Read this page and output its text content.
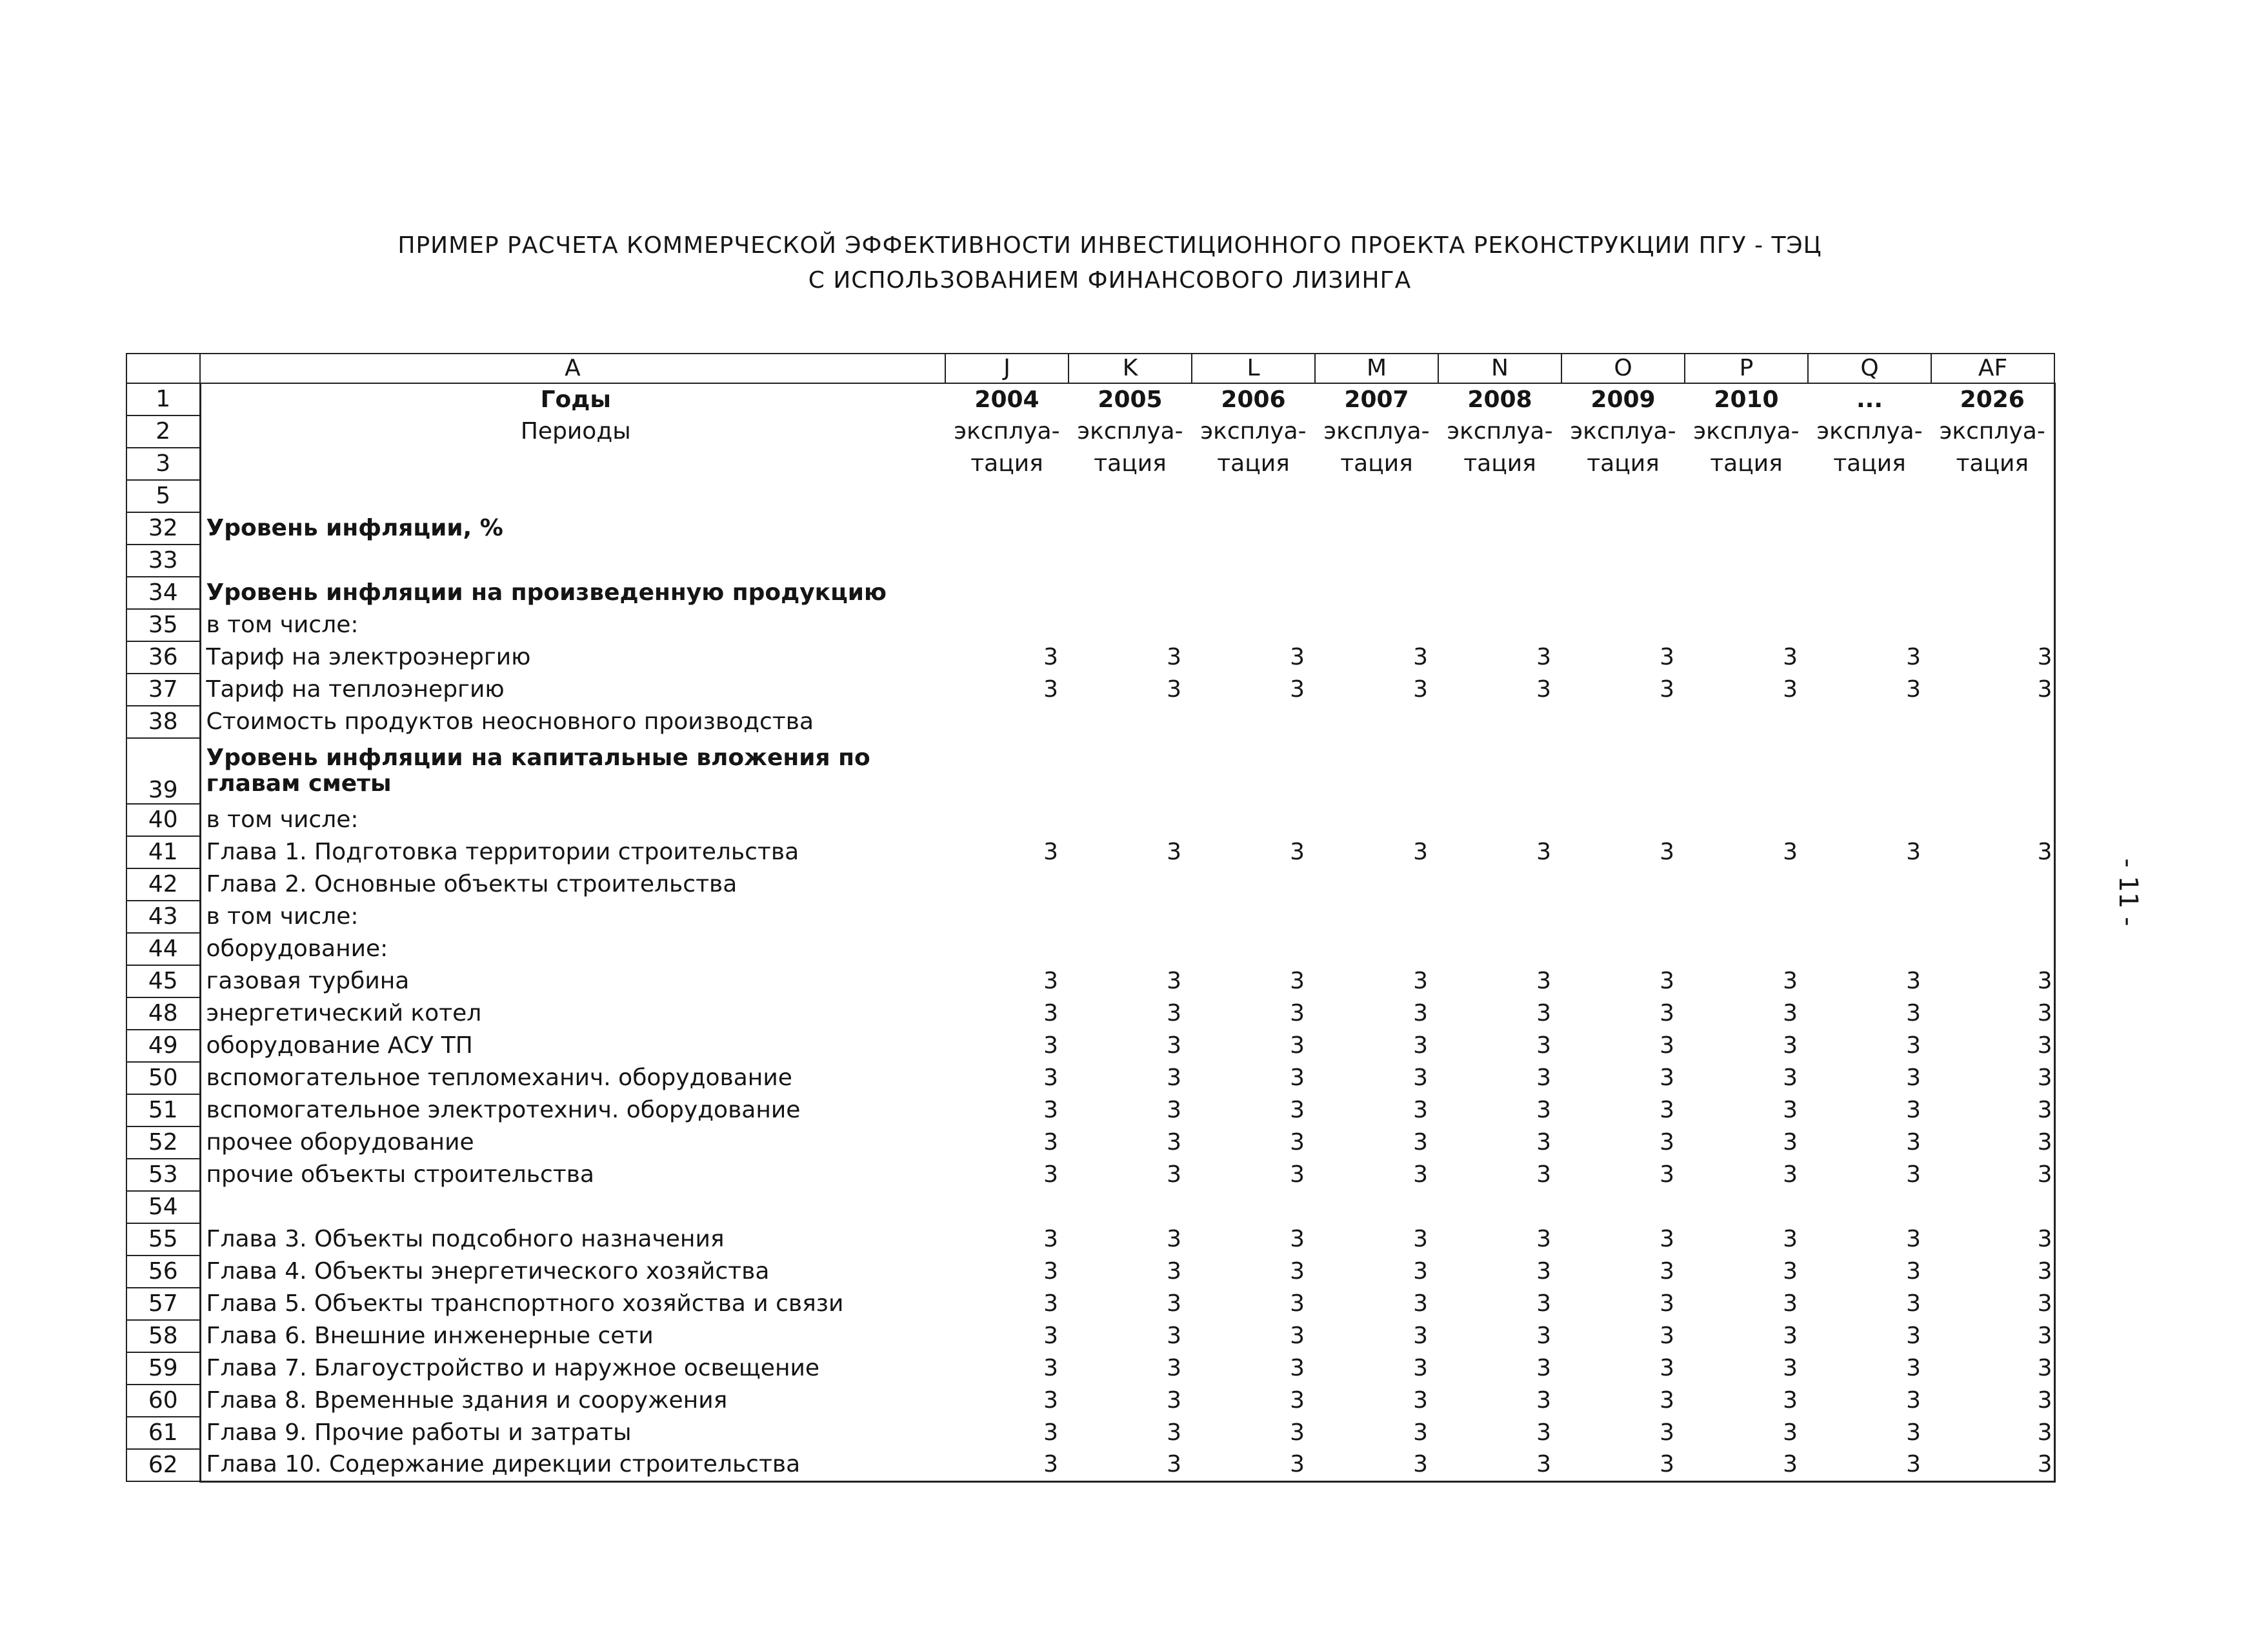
ПРИМЕР РАСЧЕТА КОММЕРЧЕСКОЙ ЭФФЕКТИВНОСТИ ИНВЕСТИЦИОННОГО ПРОЕКТА РЕКОНСТРУКЦИИ ПГУ - ТЭЦ
С ИСПОЛЬЗОВАНИЕМ ФИНАНСОВОГО ЛИЗИНГА
	A	J	K	L	M	N	O	P	Q	AF
1	Годы	2004	2005	2006	2007	2008	2009	2010	...	2026
2	Периоды	эксплуа-	эксплуа-	эксплуа-	эксплуа-	эксплуа-	эксплуа-	эксплуа-	эксплуа-	эксплуа-
3		тация	тация	тация	тация	тация	тация	тация	тация	тация
5										
32	Уровень инфляции, %									
33										
34	Уровень инфляции на произведенную продукцию									
35	в том числе:									
36	Тариф на электроэнергию	3	3	3	3	3	3	3	3	3
37	Тариф на теплоэнергию	3	3	3	3	3	3	3	3	3
38	Стоимость продуктов неосновного производства									
39	Уровень инфляции на капитальные вложения по
главам сметы									

40	в том числе:									
41	Глава 1. Подготовка территории строительства	3	3	3	3	3	3	3	3	3
42	Глава 2. Основные объекты строительства									
43	в том числе:									
44	оборудование:									
45	газовая турбина	3	3	3	3	3	3	3	3	3
48	энергетический котел	3	3	3	3	3	3	3	3	3
49	оборудование АСУ ТП	3	3	3	3	3	3	3	3	3
50	вспомогательное тепломеханич. оборудование	3	3	3	3	3	3	3	3	3
51	вспомогательное электротехнич. оборудование	3	3	3	3	3	3	3	3	3
52	прочее оборудование	3	3	3	3	3	3	3	3	3
53	прочие объекты строительства	3	3	3	3	3	3	3	3	3
54										
55	Глава 3. Объекты подсобного назначения	3	3	3	3	3	3	3	3	3
56	Глава 4. Объекты энергетического хозяйства	3	3	3	3	3	3	3	3	3
57	Глава 5. Объекты транспортного хозяйства и связи	3	3	3	3	3	3	3	3	3
58	Глава 6. Внешние инженерные сети	3	3	3	3	3	3	3	3	3
59	Глава 7. Благоустройство и наружное освещение	3	3	3	3	3	3	3	3	3
60	Глава 8. Временные здания и сооружения	3	3	3	3	3	3	3	3	3
61	Глава 9. Прочие работы и затраты	3	3	3	3	3	3	3	3	3
62	Глава 10. Содержание дирекции строительства	3	3	3	3	3	3	3	3	3
- 11 -
